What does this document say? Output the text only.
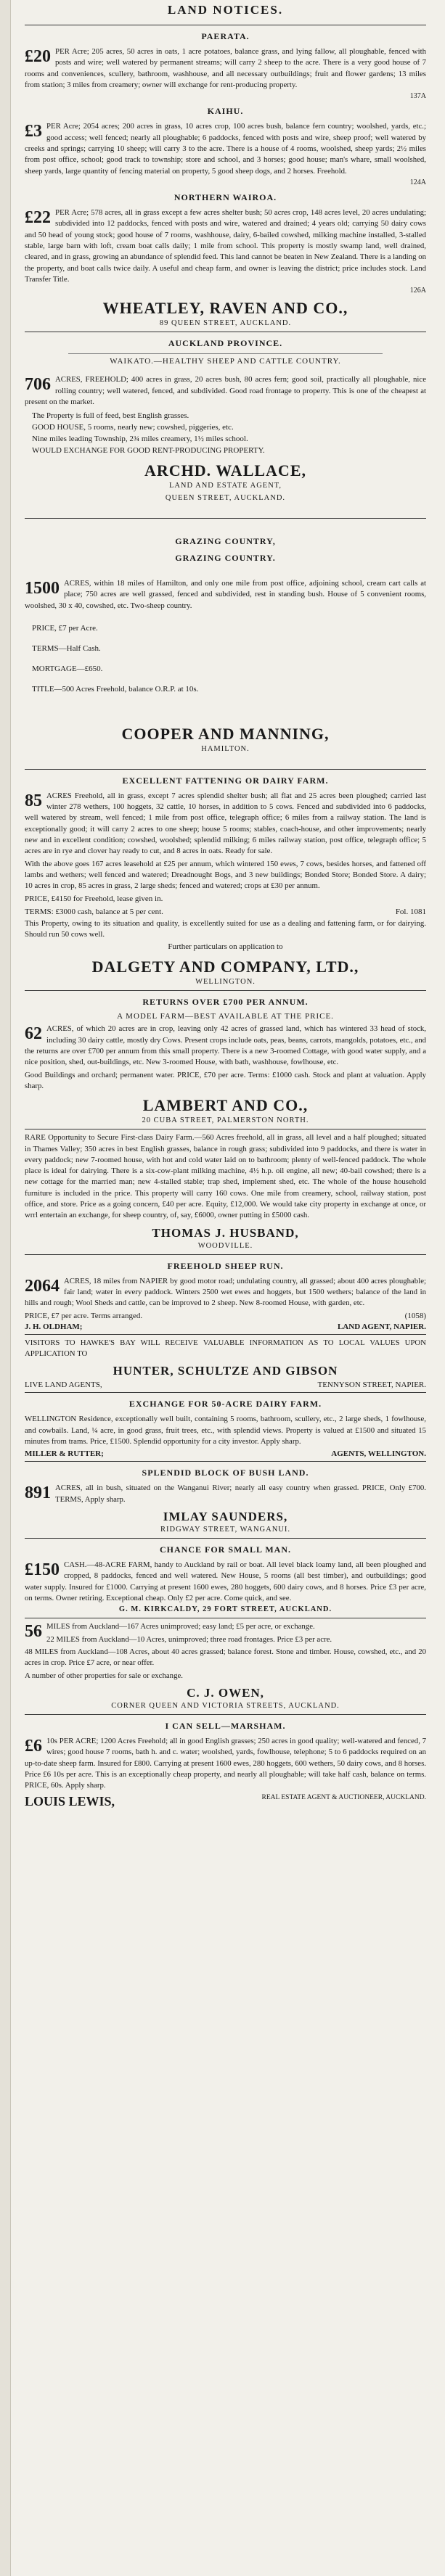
LAND NOTICES.
PAERATA.

£20 PER Acre; 205 acres, 50 acres in oats, 1 acre potatoes, balance grass, and lying fallow, all ploughable, fenced with posts and wire; well watered by permanent streams; will carry 2 sheep to the acre. There is a very good house of 7 rooms and conveniences, scullery, bathroom, washhouse, and all necessary outbuildings; fruit and flower gardens; 13 miles from station; 3 miles from creamery; owner will exchange for rent-producing property.

137A
KAIHU.

£3 PER Acre; 2054 acres; 200 acres in grass, 10 acres crop, 100 acres bush, balance fern country; woolshed, yards, etc.; good access; well fenced; nearly all ploughable; 6 paddocks, fenced with posts and wire, sheep proof; well watered by creeks and springs; carrying 10 sheep; will carry 3 to the acre. There is a house of 4 rooms, woolshed, sheep yards; 2½ miles from post office, school; good track to township; store and school, and 3 horses; good house; man's whare, small woolshed, sheep yards, large quantity of fencing material on property, 5 good sheep dogs, and 2 horses. Freehold.

124A
NORTHERN WAIROA.

£22 PER Acre; 578 acres, all in grass except a few acres shelter bush; 50 acres crop, 148 acres level, 20 acres undulating; subdivided into 12 paddocks, fenced with posts and wire, watered and drained; 4 years old; carrying 50 dairy cows and 50 head of young stock; good house of 7 rooms, washhouse, dairy, 6-bailed cowshed, milking machine installed, 3-stalled stable, large barn with loft, cream boat calls daily; 1 mile from school. This property is mostly swamp land, well drained, cleared, and in grass, growing an abundance of splendid feed. This land cannot be beaten in New Zealand. There is a landing on the property, and boat calls twice daily. A useful and cheap farm, and owner is leaving the district; price includes stock. Land Transfer Title.

126A
WHEATLEY, RAVEN AND CO.,
89 QUEEN STREET, AUCKLAND.
AUCKLAND PROVINCE.
WAIKATO.—HEALTHY SHEEP AND CATTLE COUNTRY.

706 ACRES, FREEHOLD; 400 acres in grass, 20 acres bush, 80 acres fern; good soil, practically all ploughable, nice rolling country; well watered, fenced, and subdivided. Good road frontage to property. This is one of the cheapest at present on the market.

The Property is full of feed, best English grasses.

GOOD HOUSE, 5 rooms, nearly new; cowshed, piggeries, etc.

Nine miles leading Township, 2¾ miles creamery, 1½ miles school.

WOULD EXCHANGE FOR GOOD RENT-PRODUCING PROPERTY.

ARCHD. WALLACE,
LAND AND ESTATE AGENT,
QUEEN STREET, AUCKLAND.
GRAZING COUNTRY,
GRAZING COUNTRY.

1500 ACRES, within 18 miles of Hamilton, and only one mile from post office, adjoining school, cream cart calls at place; 750 acres are well grassed, fenced and subdivided, rest in standing bush. House of 5 convenient rooms, woolshed, 30 x 40, cowshed, etc. Two-sheep country.

PRICE, £7 per Acre.

TERMS—Half Cash.

MORTGAGE—£650.

TITLE—500 Acres Freehold, balance O.R.P. at 10s.

COOPER AND MANNING,
HAMILTON.
EXCELLENT FATTENING OR DAIRY FARM.

85 ACRES Freehold, all in grass, except 7 acres splendid shelter bush; all flat and 25 acres been ploughed; carried last winter 278 wethers, 100 hoggets, 32 cattle, 10 horses, in addition to 5 cows. Fenced and subdivided into 6 paddocks, well watered by stream, well fenced; 1 mile from post office, telegraph office; 6 miles from a railway station. The land is exceptionally good; it will carry 2 acres to one sheep; house 5 rooms; stables, coach-house, and other improvements; nearly new and in excellent condition; cowshed, woolshed; splendid milking; 6 miles railway station, post office, telegraph office; 5 acres are in rye and clover hay ready to cut, and 8 acres in oats. Ready for sale.

With the above goes 167 acres leasehold at £25 per annum, which wintered 150 ewes, 7 cows, besides horses, and fattened off lambs and wethers; well fenced and watered; Dreadnought Bogs, and 3 new buildings; Bonded Store; Bonded Store. A dairy; 10 acres in crop, 85 acres in grass, 2 large sheds; fenced and watered; crops at £30 per annum.

PRICE, £4150 for Freehold, lease given in.

TERMS: £3000 cash, balance at 5 per cent.	Fol. 1081

This Property, owing to its situation and quality, is excellently suited for use as a dealing and fattening farm, or for dairying. Should run 50 cows well.

Further particulars on application to

DALGETY AND COMPANY, LTD.,
WELLINGTON.
RETURNS OVER £700 PER ANNUM.
A MODEL FARM—BEST AVAILABLE AT THE PRICE.

62 ACRES, of which 20 acres are in crop, leaving only 42 acres of grassed land, which has wintered 33 head of stock, including 30 dairy cattle, mostly dry Cows. Present crops include oats, peas, beans, carrots, mangolds, potatoes, etc., and the returns are over £700 per annum from this small property. There is a new 3-roomed Cottage, with good water supply, and a nice position, shed, out-buildings, etc. New 3-roomed House, with bath, washhouse, fowlhouse, etc.

Good Buildings and orchard; permanent water. PRICE, £70 per acre. Terms: £1000 cash. Stock and plant at valuation. Apply sharp.

LAMBERT AND CO.,
20 CUBA STREET, PALMERSTON NORTH.

RARE Opportunity to Secure First-class Dairy Farm.—560 Acres freehold, all in grass, all level and a half ploughed; situated in Thames Valley; 350 acres in best English grasses, balance in rough grass; subdivided into 9 paddocks, and there is water in every paddock; new 7-roomed house, with hot and cold water laid on to bathroom; plenty of well-fenced paddock. The whole place is ideal for dairying. There is a six-cow-plant milking machine, 4½ h.p. oil engine, all new; 40-bail cowshed; there is a new cottage for the married man; new 4-stalled stable; trap shed, implement shed, etc. The whole of the house household furniture is included in the price. This property will carry 160 cows. One mile from creamery, school, railway station, post office, and store. Price as a going concern, £40 per acre. Equity, £12,000. We would take city property in exchange at once, or wrrl entertain an exchange, for sheep country, of, say, £6000, owner putting in £5000 cash.

THOMAS J. HUSBAND,
WOODVILLE.
FREEHOLD SHEEP RUN.

2064 ACRES, 18 miles from NAPIER by good motor road; undulating country, all grassed; about 400 acres ploughable; fair land; water in every paddock. Winters 2500 wet ewes and hoggets, but 1500 wethers; balance of the land in hills and rough; Wool Sheds and cattle, can be improved to 2 sheep. New 8-roomed House, with garden, etc.

PRICE, £7 per acre. Terms arranged.	(1058)
J. H. OLDHAM;	LAND AGENT, NAPIER.

VISITORS TO HAWKE'S BAY WILL RECEIVE VALUABLE INFORMATION AS TO LOCAL VALUES UPON APPLICATION TO

HUNTER, SCHULTZE AND GIBSON
LIVE LAND AGENTS,	TENNYSON STREET, NAPIER.
EXCHANGE FOR 50-ACRE DAIRY FARM.

WELLINGTON Residence, exceptionally well built, containing 5 rooms, bathroom, scullery, etc., 2 large sheds, 1 fowlhouse, and cowbails. Land, ¼ acre, in good grass, fruit trees, etc., with splendid views. Property is valued at £1500 and situated 15 minutes from trams. Price, £1500. Splendid opportunity for a city investor. Apply sharp.

MILLER & RUTTER;	AGENTS, WELLINGTON.
SPLENDID BLOCK OF BUSH LAND.

891 ACRES, all in bush, situated on the Wanganui River; nearly all easy country when grassed. PRICE, Only £700. TERMS, Apply sharp.

IMLAY SAUNDERS,
RIDGWAY STREET, WANGANUI.
CHANCE FOR SMALL MAN.

£150 CASH.—48-ACRE FARM, handy to Auckland by rail or boat. All level black loamy land, all been ploughed and cropped, 8 paddocks, fenced and well watered. New House, 5 rooms (all best timber), and outbuildings; good water supply. Insured for £1000. Carrying at present 1600 ewes, 280 hoggets, 600 dairy cows, and 8 horses. Price £3 per acre, on terms. Owner retiring. Exceptional cheap. Only £2 per acre. Come quick, and see.

G. M. KIRKCALDY, 29 FORT STREET, AUCKLAND.

56 MILES from Auckland—167 Acres unimproved; easy land; £5 per acre, or exchange.

22 MILES from Auckland—10 Acres, unimproved; three road frontages. Price £3 per acre.

48 MILES from Auckland—108 Acres, about 40 acres grassed; balance forest. Stone and timber. House, cowshed, etc., and 20 acres in crop. Price £7 acre, or near offer.

A number of other properties for sale or exchange.

C. J. OWEN,
CORNER QUEEN AND VICTORIA STREETS, AUCKLAND.
I CAN SELL—MARSHAM.

£6 10s PER ACRE; 1200 Acres Freehold; all in good English grasses; 250 acres in good quality; well-watered and fenced, 7 wires; good house 7 rooms, bath h. and c. water; woolshed, yards, fowlhouse, telephone; 5 to 6 paddocks required on an up-to-date sheep farm. Insured for £800. Carrying at present 1600 ewes, 280 hoggets, 600 wethers, 50 dairy cows, and 8 horses. Price £6 10s per acre. This is an exceptionally cheap property, and nearly all ploughable; will take half cash, balance on terms. PRICE, 60s. Apply sharp.

LOUIS LEWIS,	REAL ESTATE AGENT & AUCTIONEER, AUCKLAND.
